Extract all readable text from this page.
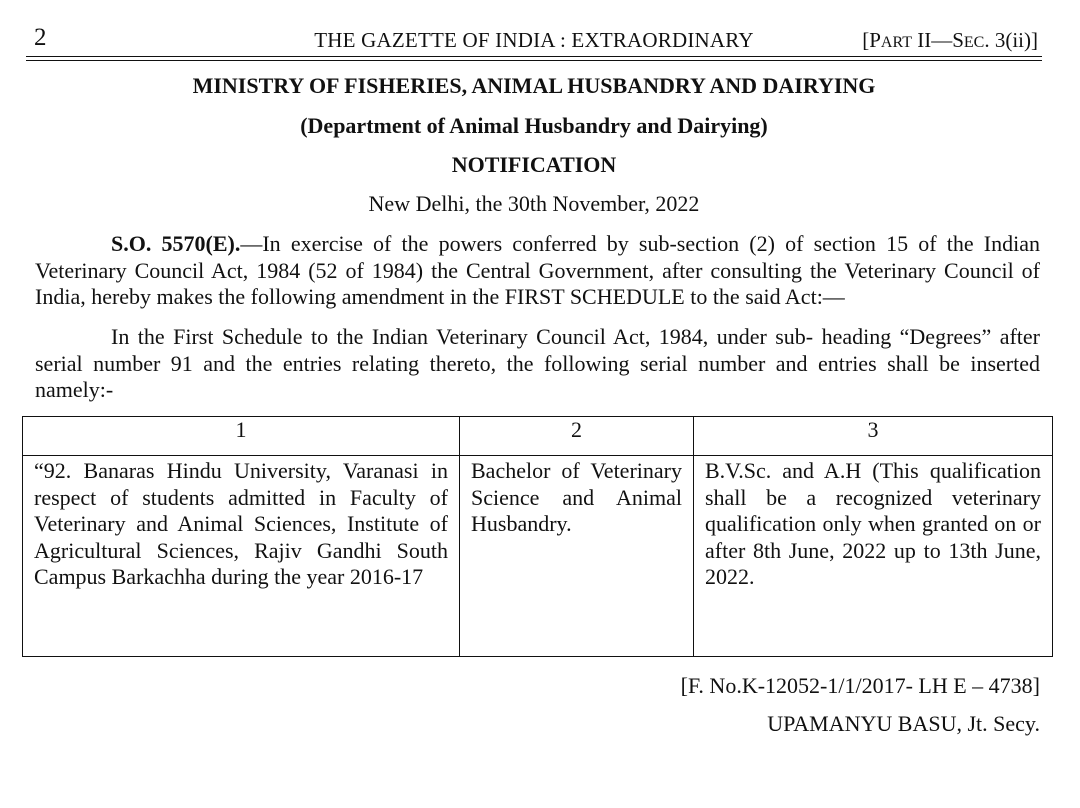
2	THE GAZETTE OF INDIA : EXTRAORDINARY	[PART II—SEC. 3(ii)]
MINISTRY OF FISHERIES, ANIMAL HUSBANDRY AND DAIRYING
(Department of Animal Husbandry and Dairying)
NOTIFICATION
New Delhi, the 30th November, 2022

S.O. 5570(E).—In exercise of the powers conferred by sub-section (2) of section 15 of the Indian Veterinary Council Act, 1984 (52 of 1984) the Central Government, after consulting the Veterinary Council of India, hereby makes the following amendment in the FIRST SCHEDULE to the said Act:—

In the First Schedule to the Indian Veterinary Council Act, 1984, under sub- heading “Degrees” after serial number 91 and the entries relating thereto, the following serial number and entries shall be inserted namely:-

1	2	3
“92. Banaras Hindu University, Varanasi in respect of students admitted in Faculty of Veterinary and Animal Sciences, Institute of Agricultural Sciences, Rajiv Gandhi South Campus Barkachha during the year 2016-17	Bachelor of Veterinary Science and Animal Husbandry.	B.V.Sc. and A.H (This qualification shall be a recognized veterinary qualification only when granted on or after 8th June, 2022 up to 13th June, 2022.
[F. No.K-12052-1/1/2017- LH E – 4738]
UPAMANYU BASU, Jt. Secy.
